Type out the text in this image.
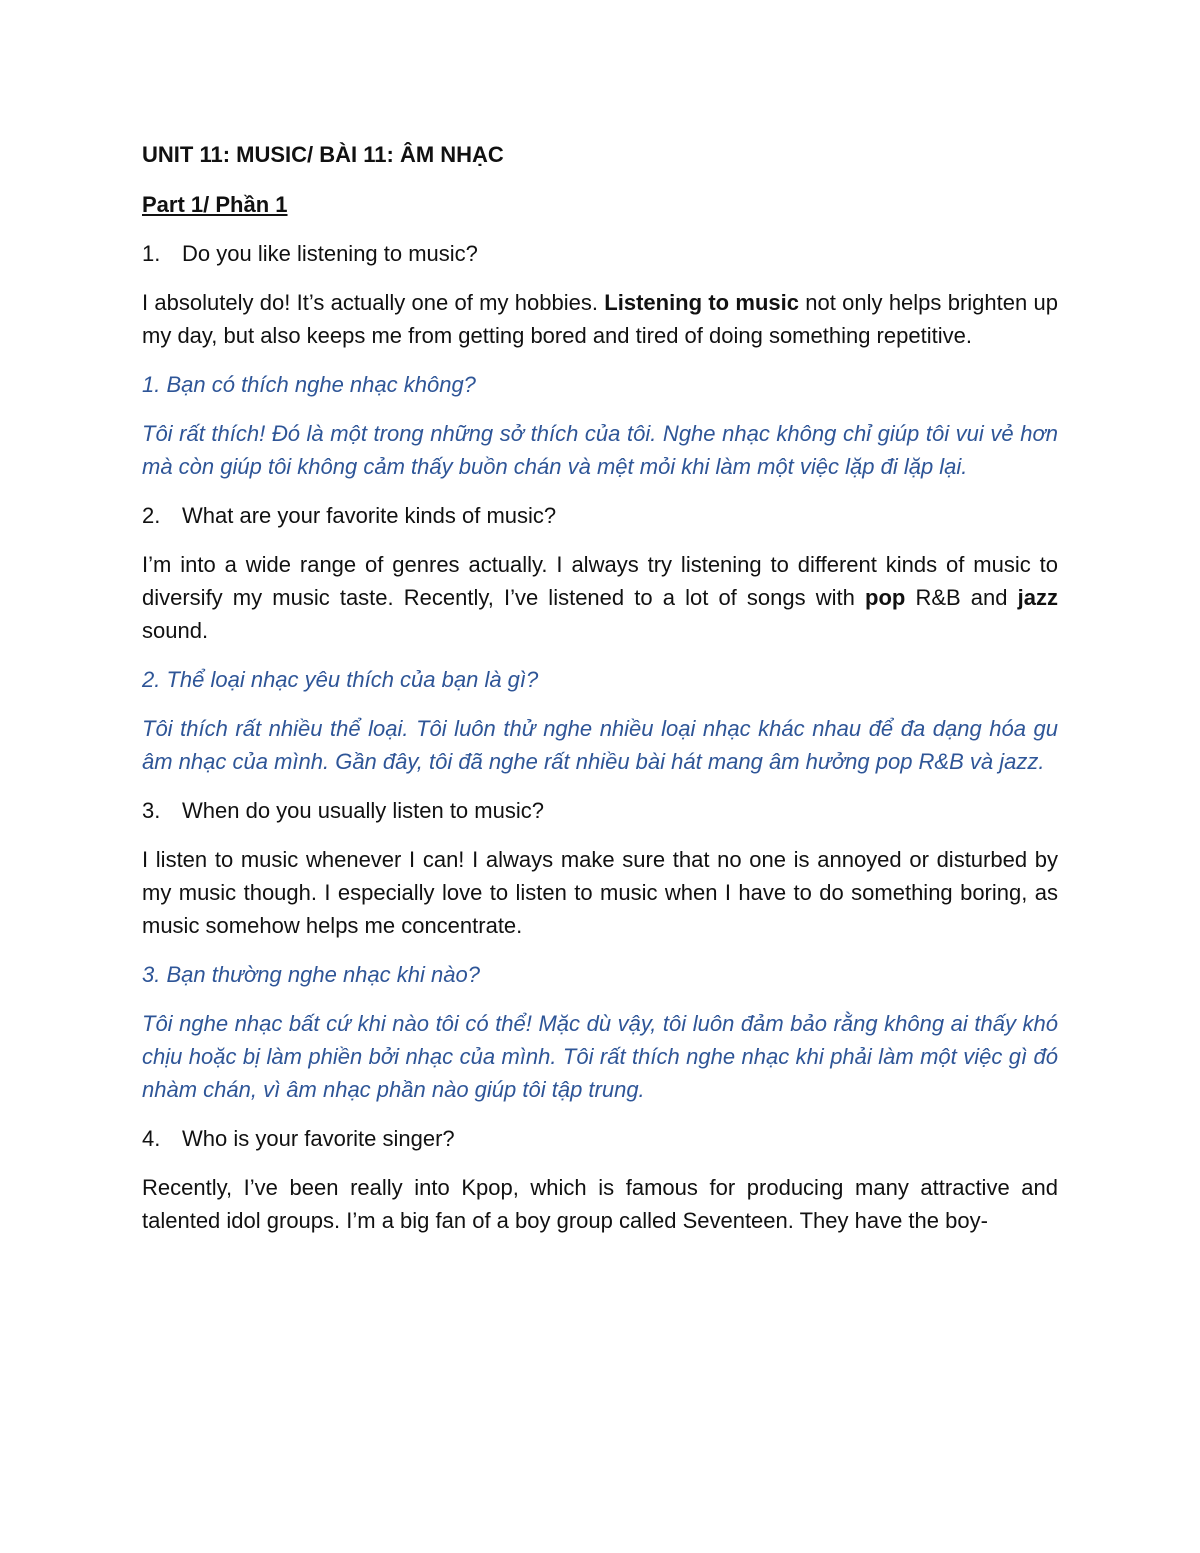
UNIT 11: MUSIC/ BÀI 11: ÂM NHẠC

Part 1/ Phần 1

1. Do you like listening to music?

I absolutely do! It’s actually one of my hobbies. Listening to music not only helps brighten up my day, but also keeps me from getting bored and tired of doing something repetitive.

1. Bạn có thích nghe nhạc không?

Tôi rất thích! Đó là một trong những sở thích của tôi. Nghe nhạc không chỉ giúp tôi vui vẻ hơn mà còn giúp tôi không cảm thấy buồn chán và mệt mỏi khi làm một việc lặp đi lặp lại.

2. What are your favorite kinds of music?

I’m into a wide range of genres actually. I always try listening to different kinds of music to diversify my music taste. Recently, I’ve listened to a lot of songs with pop R&B and jazz sound.

2. Thể loại nhạc yêu thích của bạn là gì?

Tôi thích rất nhiều thể loại. Tôi luôn thử nghe nhiều loại nhạc khác nhau để đa dạng hóa gu âm nhạc của mình. Gần đây, tôi đã nghe rất nhiều bài hát mang âm hưởng pop R&B và jazz.

3. When do you usually listen to music?

I listen to music whenever I can! I always make sure that no one is annoyed or disturbed by my music though. I especially love to listen to music when I have to do something boring, as music somehow helps me concentrate.

3. Bạn thường nghe nhạc khi nào?

Tôi nghe nhạc bất cứ khi nào tôi có thể! Mặc dù vậy, tôi luôn đảm bảo rằng không ai thấy khó chịu hoặc bị làm phiền bởi nhạc của mình. Tôi rất thích nghe nhạc khi phải làm một việc gì đó nhàm chán, vì âm nhạc phần nào giúp tôi tập trung.

4. Who is your favorite singer?

Recently, I’ve been really into Kpop, which is famous for producing many attractive and talented idol groups. I’m a big fan of a boy group called Seventeen. They have the boy-
